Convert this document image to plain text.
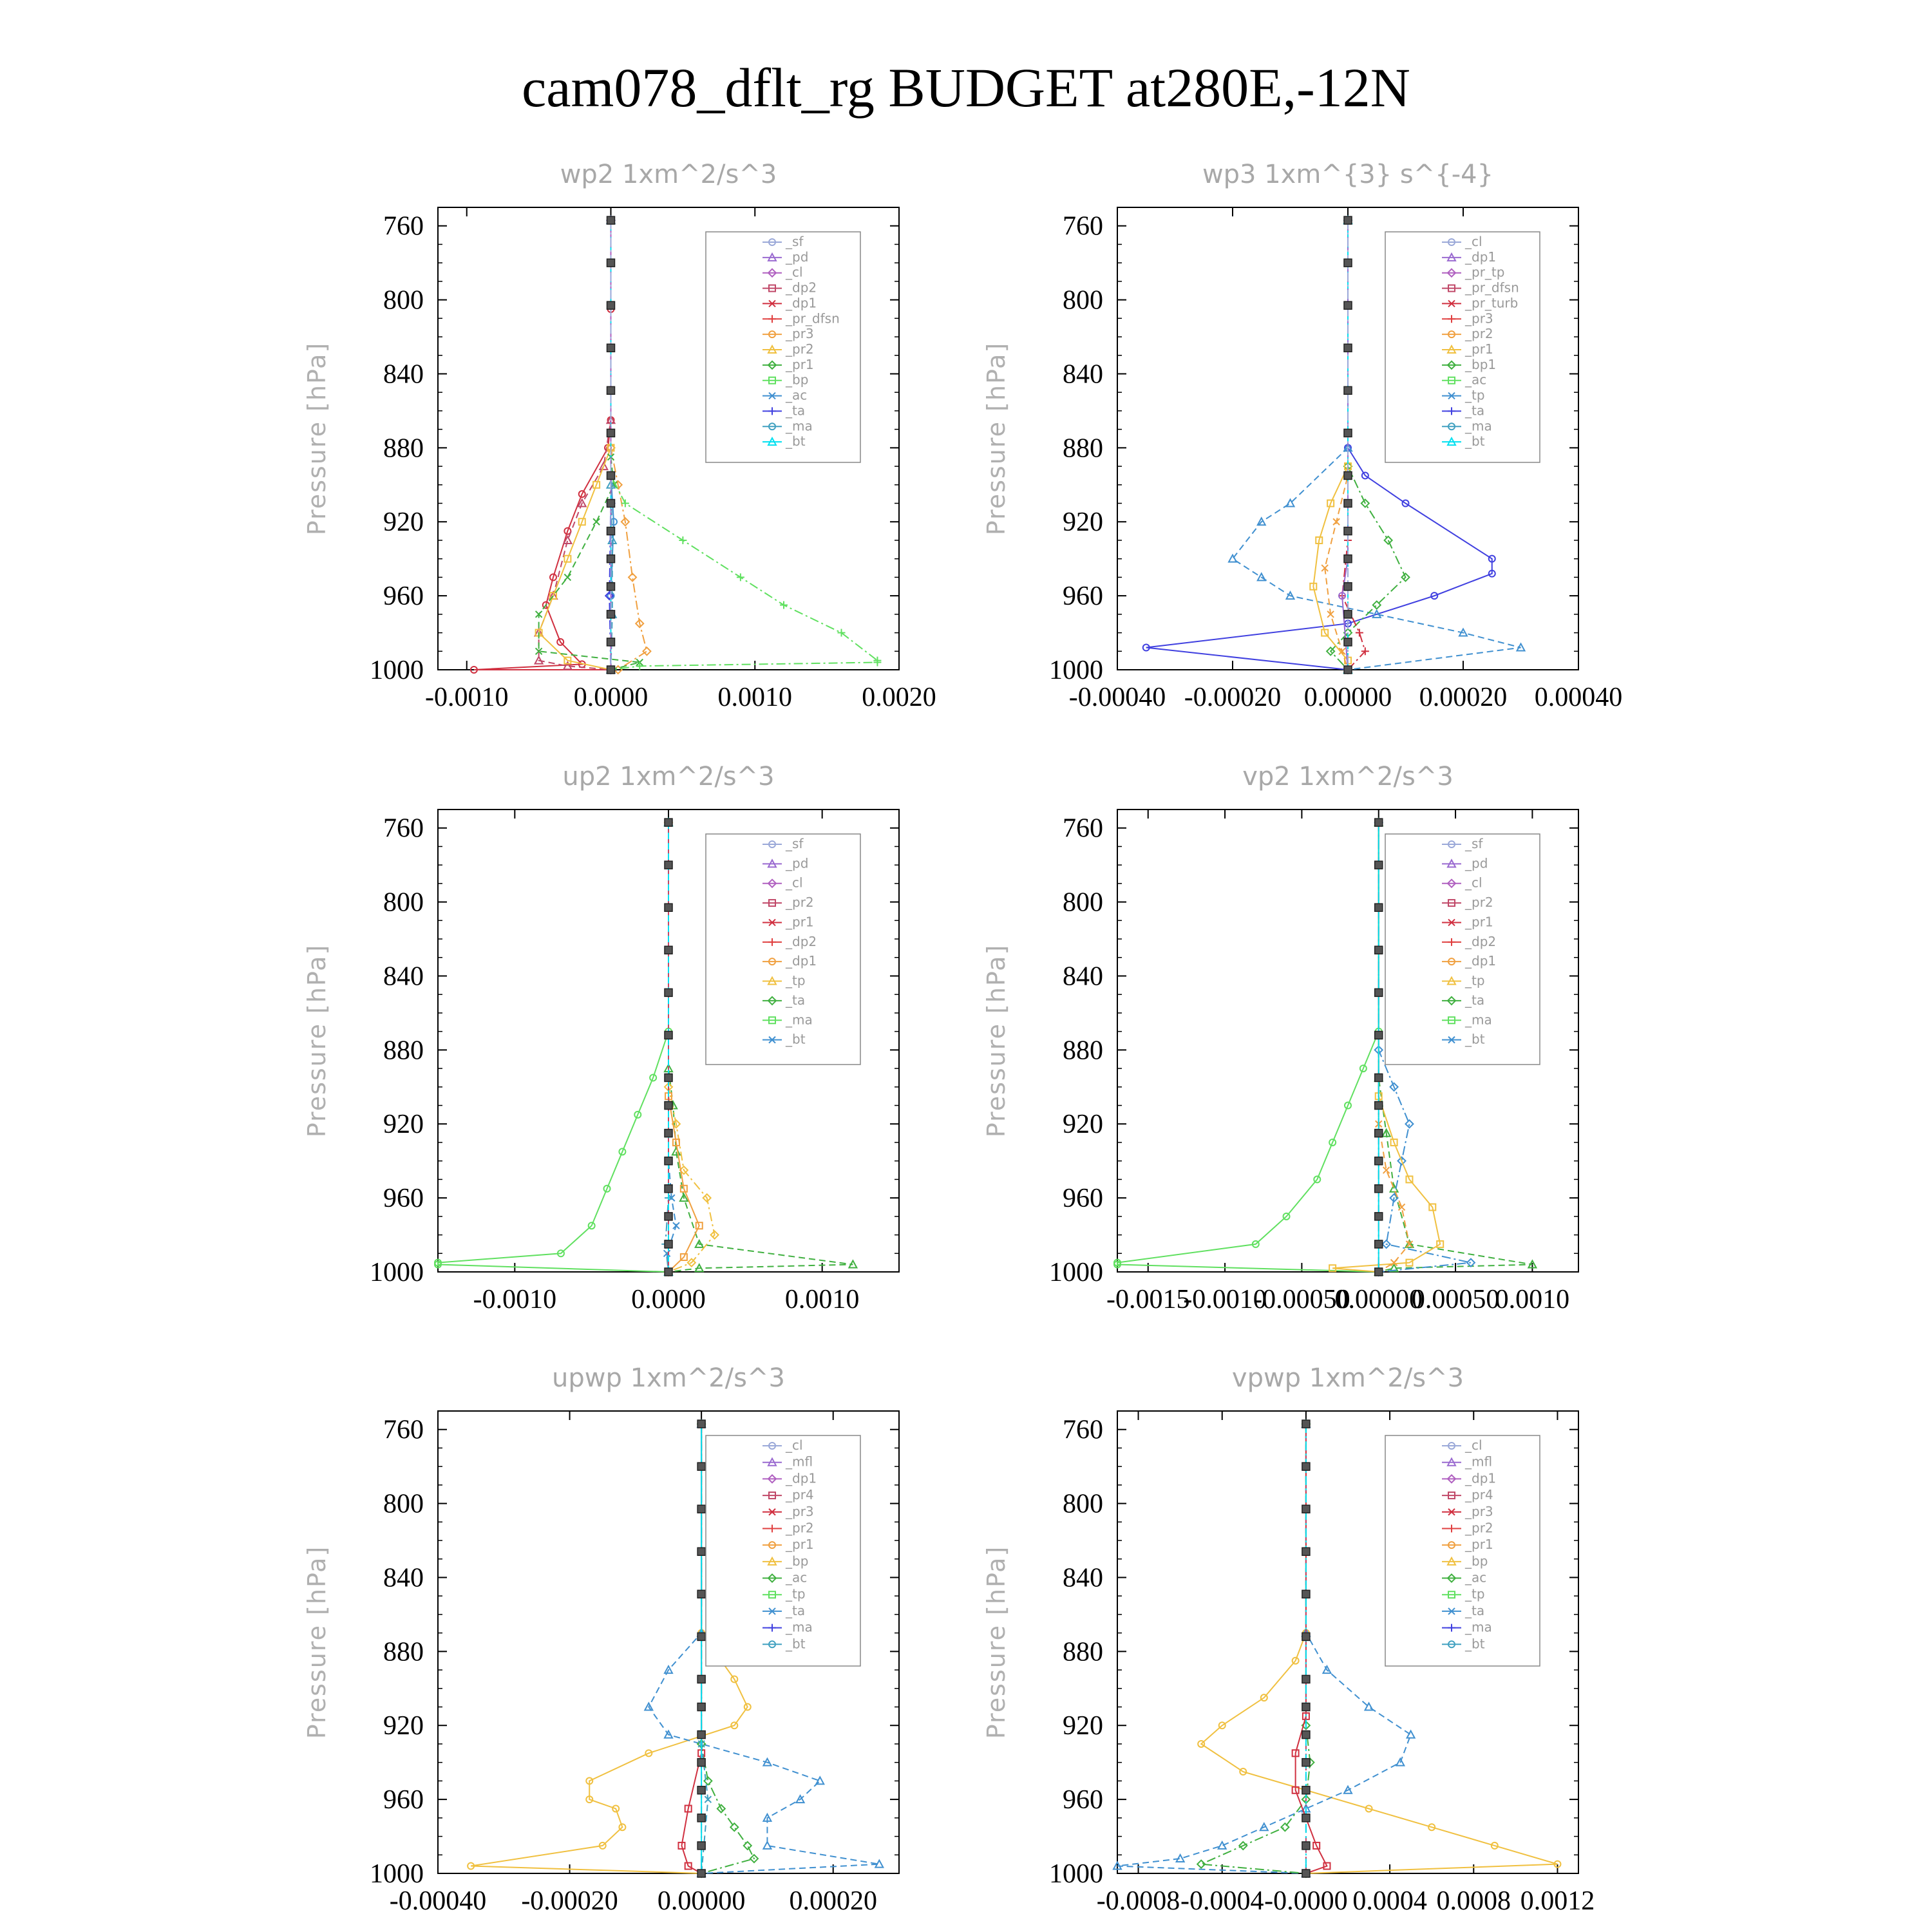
cam078_dflt_rg BUDGET at280E,-12N
wp2 1xm^2/s^3
Pressure [hPa]
760
800
840
880
920
960
1000
-0.0010 0.0000	0.0010	0.0020
_sf
_pd
_cl
_dp2
_dp1
_pr_dfsn
_pr3
_pr2
_pr1
_bp
_ac
_ta
_ma
_bt
wp3 1xm^{3} s^{-4}
Pressure [hPa]
760
800
840
880
920
960
1000
-0.00040 -0.00020 0.00000 0.00020 0.00040
_cl
_dp1
_pr_tp
_pr_dfsn
_pr_turb
_pr3
_pr2
_pr1
_bp1
_ac
_tp
_ta
_ma
_bt
up2 1xm^2/s^3
Pressure [hPa]
760
800
840
880
920
960
1000
-0.0010	0.0000	0.0010
_sf
_pd
_cl
_pr2
_pr1
_dp2
_dp1
_tp
_ta
_ma
_bt
vp2 1xm^2/s^3
Pressure [hPa]
760
800
840
880
920
960
1000
-0.0015
-0.0010
-0.00050
0.00000
0.00050
0.0010
_sf
_pd
_cl
_pr2
_pr1
_dp2
_dp1
_tp
_ta
_ma
_bt
upwp 1xm^2/s^3
Pressure [hPa]
760
800
840
880
920
960
1000
-0.00040 -0.00020 0.00000 0.00020
_cl
_mfl
_dp1
_pr4
_pr3
_pr2
_pr1
_bp
_ac
_tp
_ta
_ma
_bt
vpwp 1xm^2/s^3
Pressure [hPa]
760
800
840
880
920
960
1000
-0.0008 -0.0004 -0.0000 0.0004 0.0008 0.0012
_cl
_mfl
_dp1
_pr4
_pr3
_pr2
_pr1
_bp
_ac
_tp
_ta
_ma
_bt
